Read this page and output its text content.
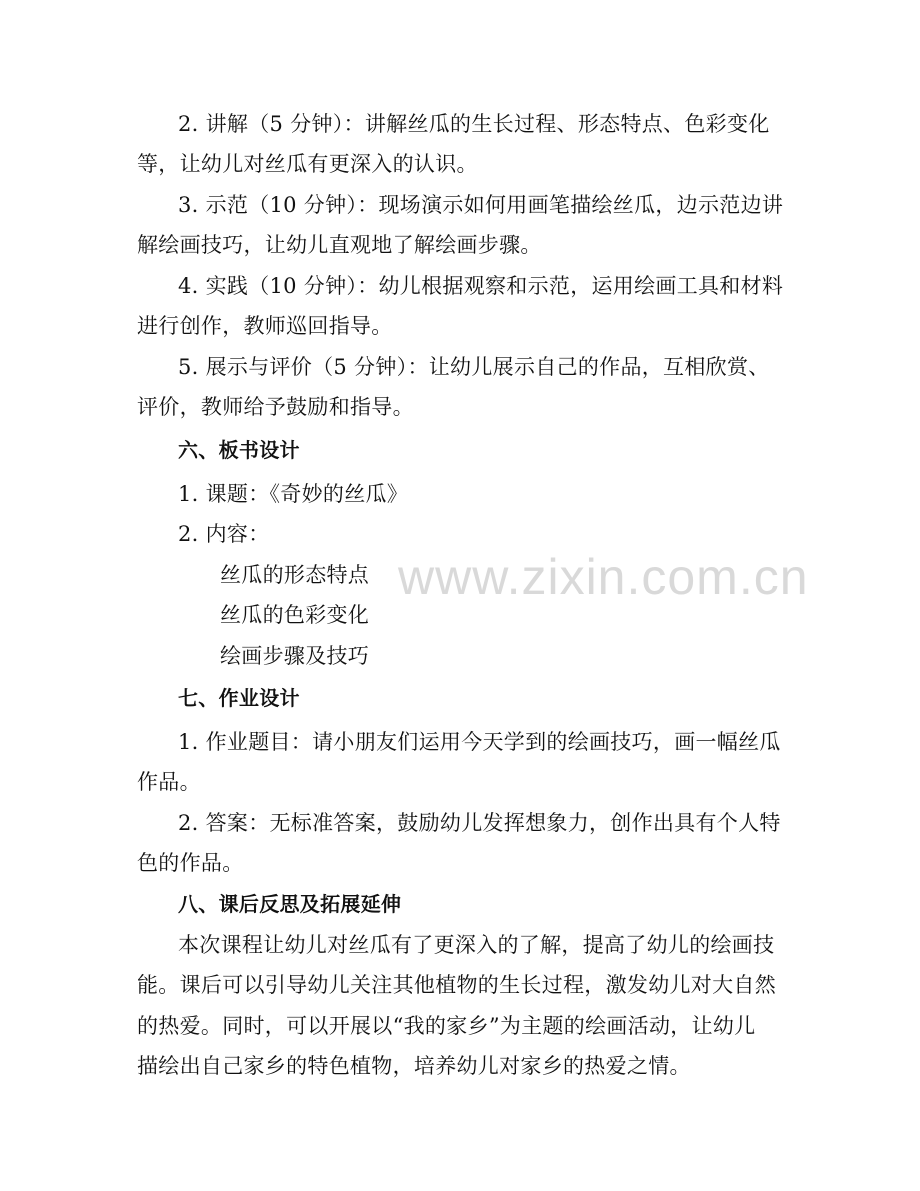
2. 讲解（5 分钟）：讲解丝瓜的生长过程、形态特点、色彩变化
等，让幼儿对丝瓜有更深入的认识。
3. 示范（10 分钟）：现场演示如何用画笔描绘丝瓜，边示范边讲
解绘画技巧，让幼儿直观地了解绘画步骤。
4. 实践（10 分钟）：幼儿根据观察和示范，运用绘画工具和材料
进行创作，教师巡回指导。
5. 展示与评价（5 分钟）：让幼儿展示自己的作品，互相欣赏、
评价，教师给予鼓励和指导。
六、板书设计
1. 课题：《奇妙的丝瓜》
2. 内容：
丝瓜的形态特点
丝瓜的色彩变化
绘画步骤及技巧
七、作业设计
1. 作业题目：请小朋友们运用今天学到的绘画技巧，画一幅丝瓜
作品。
2. 答案：无标准答案，鼓励幼儿发挥想象力，创作出具有个人特
色的作品。
八、课后反思及拓展延伸
本次课程让幼儿对丝瓜有了更深入的了解，提高了幼儿的绘画技
能。课后可以引导幼儿关注其他植物的生长过程，激发幼儿对大自然
的热爱。同时，可以开展以“我的家乡”为主题的绘画活动，让幼儿
描绘出自己家乡的特色植物，培养幼儿对家乡的热爱之情。
www.zixin.com.cn
